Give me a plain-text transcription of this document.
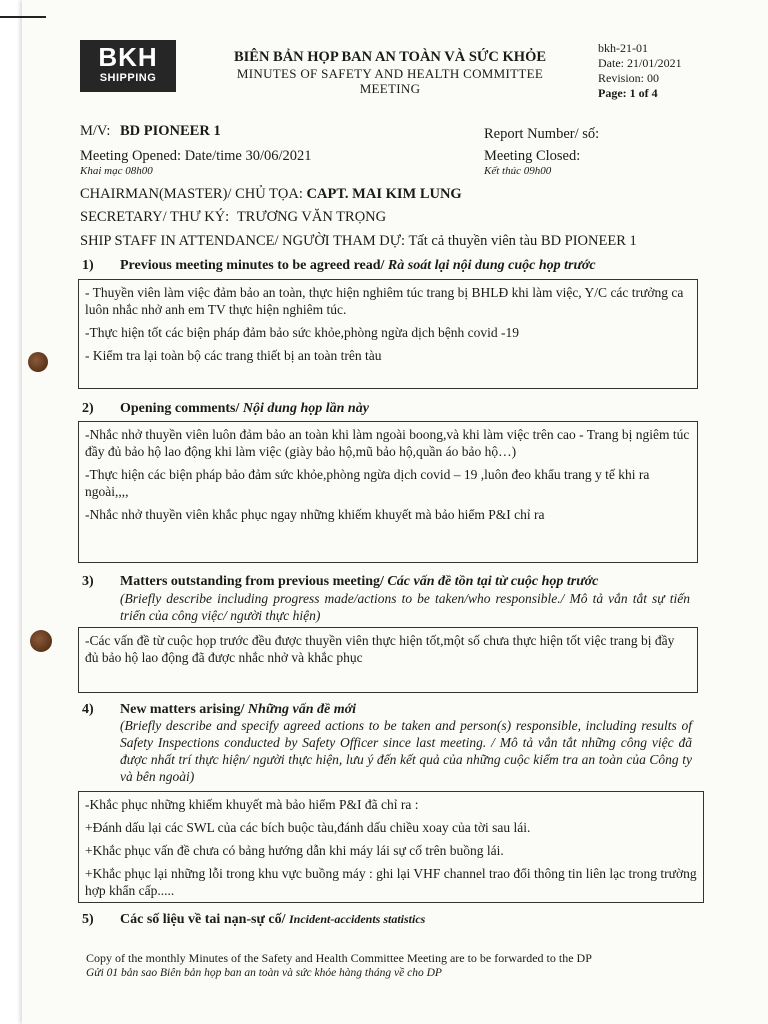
BKH
SHIPPING
BIÊN BẢN HỌP BAN AN TOÀN VÀ SỨC KHỎE
MINUTES OF SAFETY AND HEALTH COMMITTEE
MEETING
bkh-21-01
Date: 21/01/2021
Revision: 00
Page: 1 of 4
M/V: BD PIONEER 1	Report Number/ số:
Meeting Opened: Date/time 30/06/2021
Khai mạc 08h00
Meeting Closed:
Kết thúc 09h00
CHAIRMAN(MASTER)/ CHỦ TỌA: CAPT. MAI KIM LUNG
SECRETARY/ THƯ KÝ: TRƯƠNG VĂN TRỌNG
SHIP STAFF IN ATTENDANCE/ NGƯỜI THAM DỰ: Tất cả thuyền viên tàu BD PIONEER 1
1) Previous meeting minutes to be agreed read/ Rà soát lại nội dung cuộc họp trước

- Thuyền viên làm việc đảm bảo an toàn, thực hiện nghiêm túc trang bị BHLĐ khi làm việc, Y/C các trưởng ca luôn nhắc nhở anh em TV thực hiện nghiêm túc.

-Thực hiện tốt các biện pháp đảm bảo sức khỏe,phòng ngừa dịch bệnh covid -19

- Kiểm tra lại toàn bộ các trang thiết bị an toàn trên tàu

2) Opening comments/ Nội dung họp lần này

-Nhắc nhở thuyền viên luôn đảm bảo an toàn khi làm ngoài boong,và khi làm việc trên cao - Trang bị ngiêm túc đầy đủ bảo hộ lao động khi làm việc (giày bảo hộ,mũ bảo hộ,quần áo bảo hộ…)

-Thực hiện các biện pháp bảo đảm sức khỏe,phòng ngừa dịch covid – 19 ,luôn đeo khẩu trang y tế khi ra ngoài,,,,

-Nhắc nhở thuyền viên khắc phục ngay những khiếm khuyết mà bảo hiểm P&I chỉ ra

3) Matters outstanding from previous meeting/ Các vấn đề tồn tại từ cuộc họp trước
(Briefly describe including progress made/actions to be taken/who responsible./ Mô tả vắn tắt sự tiến triển của công việc/ người thực hiện)

-Các vấn đề từ cuộc họp trước đều được thuyền viên thực hiện tốt,một số chưa thực hiện tốt việc trang bị đầy đủ bảo hộ lao động đã được nhắc nhở và khắc phục

4) New matters arising/ Những vấn đề mới
(Briefly describe and specify agreed actions to be taken and person(s) responsible, including results of Safety Inspections conducted by Safety Officer since last meeting. / Mô tả vắn tắt những công việc đã được nhất trí thực hiện/ người thực hiện, lưu ý đến kết quả của những cuộc kiểm tra an toàn của Công ty và bên ngoài)

-Khắc phục những khiếm khuyết mà bảo hiểm P&I đã chỉ ra :

+Đánh dấu lại các SWL của các bích buộc tàu,đánh dấu chiều xoay của tời sau lái.

+Khắc phục vấn đề chưa có bảng hướng dẫn khi máy lái sự cố trên buồng lái.

+Khắc phục lại những lỗi trong khu vực buồng máy : ghi lại VHF channel trao đổi thông tin liên lạc trong trường hợp khẩn cấp.....

5) Các số liệu về tai nạn-sự cố/ Incident-accidents statistics
Copy of the monthly Minutes of the Safety and Health Committee Meeting are to be forwarded to the DP
Gửi 01 bản sao Biên bản họp ban an toàn và sức khỏe hàng tháng về cho DP
